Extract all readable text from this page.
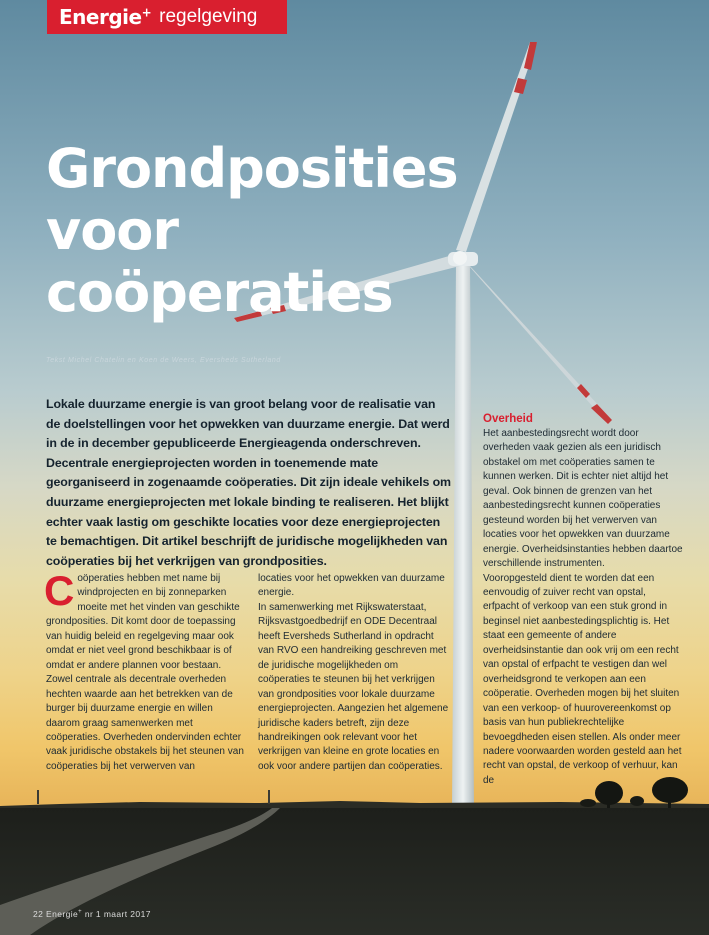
Energie+ regelgeving
Grondposities
voor
coöperaties
Tekst Michel Chatelin en Koen de Weers, Eversheds Sutherland

Lokale duurzame energie is van groot belang voor de realisatie van de doelstellingen voor het opwekken van duurzame energie. Dat werd in de in december gepubliceerde Energieagenda onderschreven. Decentrale energieprojecten worden in toenemende mate georganiseerd in zogenaamde coöperaties. Dit zijn ideale vehikels om duurzame energieprojecten met lokale binding te realiseren. Het blijkt echter vaak lastig om geschikte locaties voor deze energieprojecten te bemachtigen. Dit artikel beschrijft de juridische mogelijkheden van coöperaties bij het verkrijgen van grondposities.

Coöperaties hebben met name bij windprojecten en bij zonneparken moeite met het vinden van geschikte grondposities. Dit komt door de toepassing van huidig beleid en regelgeving maar ook omdat er niet veel grond beschikbaar is of omdat er andere plannen voor bestaan. Zowel centrale als decentrale overheden hechten waarde aan het betrekken van de burger bij duurzame energie en willen daarom graag samenwerken met coöperaties. Overheden ondervinden echter vaak juridische obstakels bij het steunen van coöperaties bij het verwerven van
locaties voor het opwekken van duurzame energie.
In samenwerking met Rijkswaterstaat, Rijksvastgoedbedrijf en ODE Decentraal heeft Eversheds Sutherland in opdracht van RVO een handreiking geschreven met de juridische mogelijkheden om coöperaties te steunen bij het verkrijgen van grondposities voor lokale duurzame energieprojecten. Aangezien het algemene juridische kaders betreft, zijn deze handreikingen ook relevant voor het verkrijgen van kleine en grote locaties en ook voor andere partijen dan coöperaties.
Overheid
Het aanbestedingsrecht wordt door overheden vaak gezien als een juridisch obstakel om met coöperaties samen te kunnen werken. Dit is echter niet altijd het geval. Ook binnen de grenzen van het aanbestedingsrecht kunnen coöperaties gesteund worden bij het verwerven van locaties voor het opwekken van duurzame energie. Overheidsinstanties hebben daartoe verschillende instrumenten.
Vooropgesteld dient te worden dat een eenvoudig of zuiver recht van opstal, erfpacht of verkoop van een stuk grond in beginsel niet aanbestedingsplichtig is. Het staat een gemeente of andere overheidsinstantie dan ook vrij om een recht van opstal of erfpacht te vestigen dan wel overheidsgrond te verkopen aan een coöperatie. Overheden mogen bij het sluiten van een verkoop- of huurovereenkomst op basis van hun publiekrechtelijke bevoegdheden eisen stellen. Als onder meer nadere voorwaarden worden gesteld aan het recht van opstal, de verkoop of verhuur, kan de
22 Energie+ nr 1 maart 2017
